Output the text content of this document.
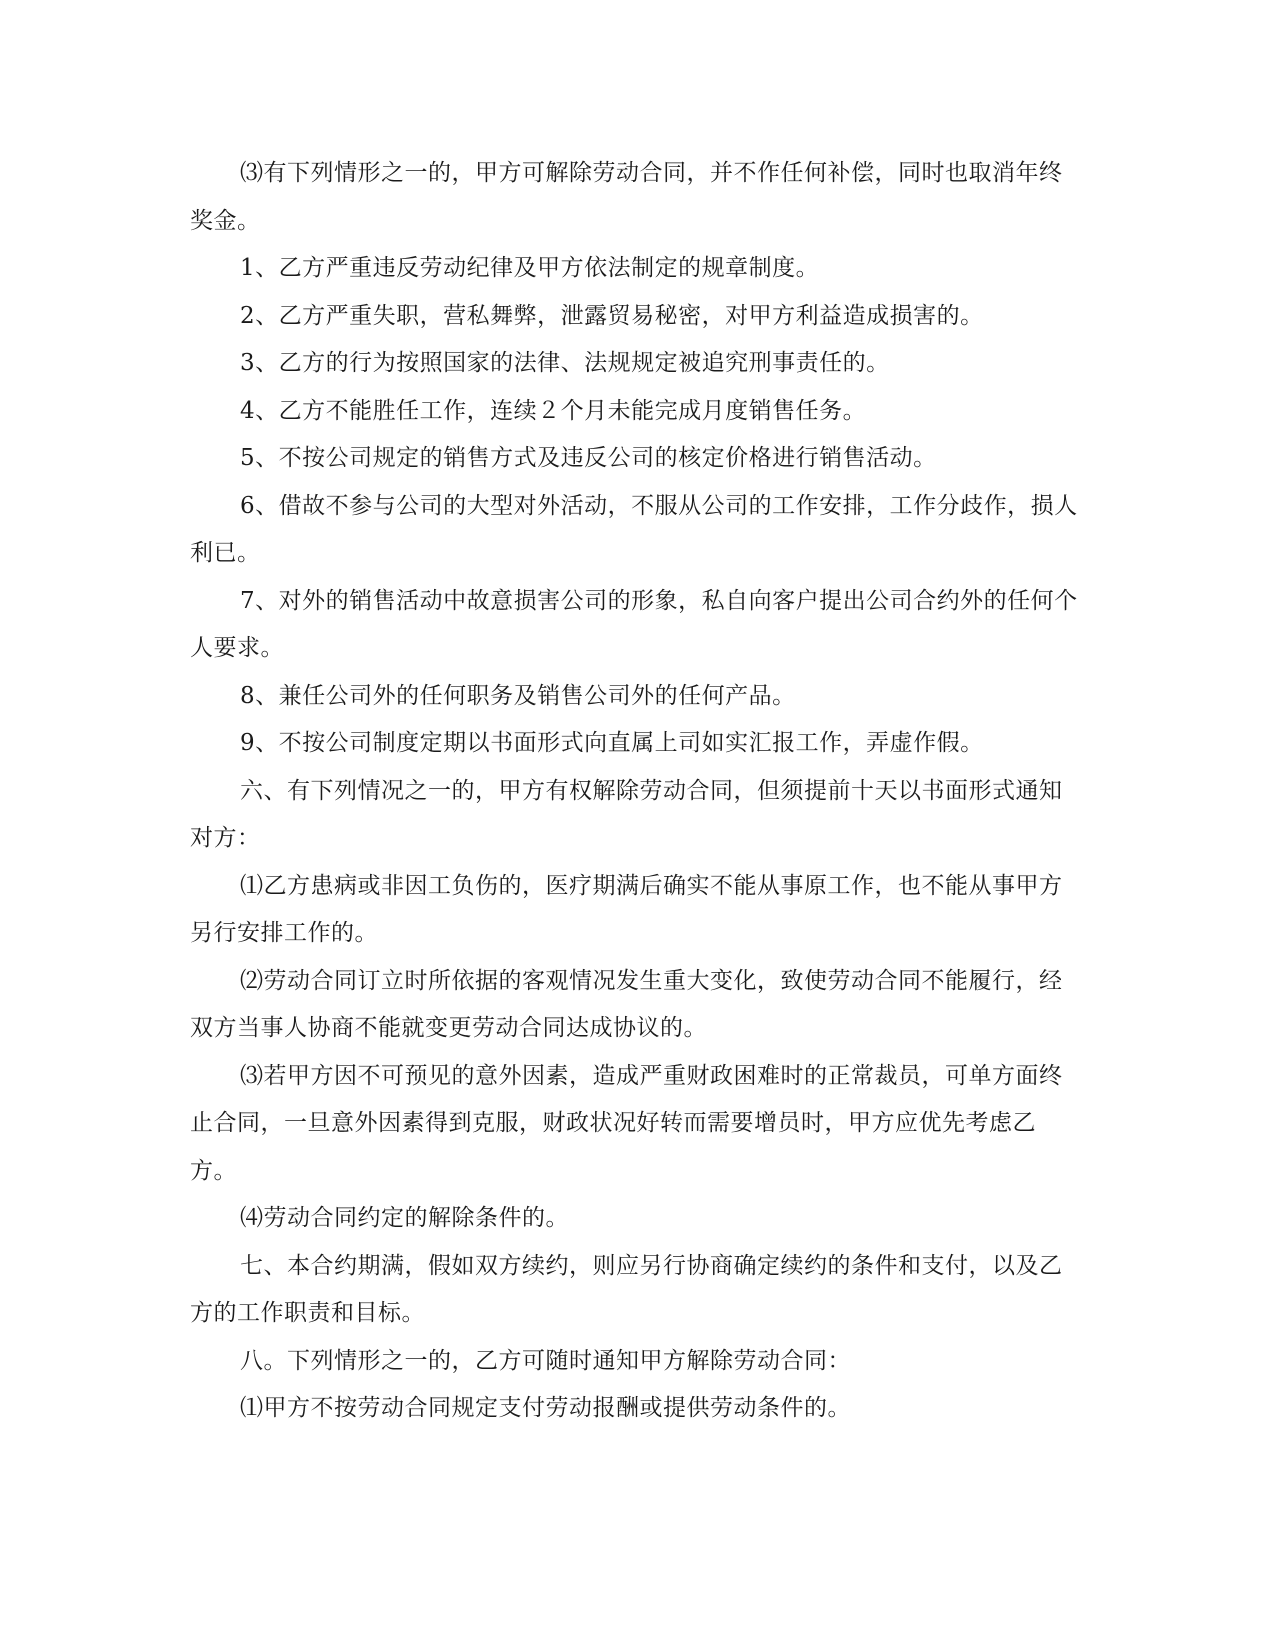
⑶有下列情形之一的，甲方可解除劳动合同，并不作任何补偿，同时也取消年终奖金。

1、乙方严重违反劳动纪律及甲方依法制定的规章制度。

2、乙方严重失职，营私舞弊，泄露贸易秘密，对甲方利益造成损害的。

3、乙方的行为按照国家的法律、法规规定被追究刑事责任的。

4、乙方不能胜任工作，连续２个月未能完成月度销售任务。

5、不按公司规定的销售方式及违反公司的核定价格进行销售活动。

6、借故不参与公司的大型对外活动，不服从公司的工作安排，工作分歧作，损人利已。

7、对外的销售活动中故意损害公司的形象，私自向客户提出公司合约外的任何个人要求。

8、兼任公司外的任何职务及销售公司外的任何产品。

9、不按公司制度定期以书面形式向直属上司如实汇报工作，弄虚作假。

六、有下列情况之一的，甲方有权解除劳动合同，但须提前十天以书面形式通知对方：

⑴乙方患病或非因工负伤的，医疗期满后确实不能从事原工作，也不能从事甲方另行安排工作的。

⑵劳动合同订立时所依据的客观情况发生重大变化，致使劳动合同不能履行，经双方当事人协商不能就变更劳动合同达成协议的。

⑶若甲方因不可预见的意外因素，造成严重财政困难时的正常裁员，可单方面终止合同，一旦意外因素得到克服，财政状况好转而需要增员时，甲方应优先考虑乙方。

⑷劳动合同约定的解除条件的。

七、本合约期满，假如双方续约，则应另行协商确定续约的条件和支付，以及乙方的工作职责和目标。

八。下列情形之一的，乙方可随时通知甲方解除劳动合同：

⑴甲方不按劳动合同规定支付劳动报酬或提供劳动条件的。
